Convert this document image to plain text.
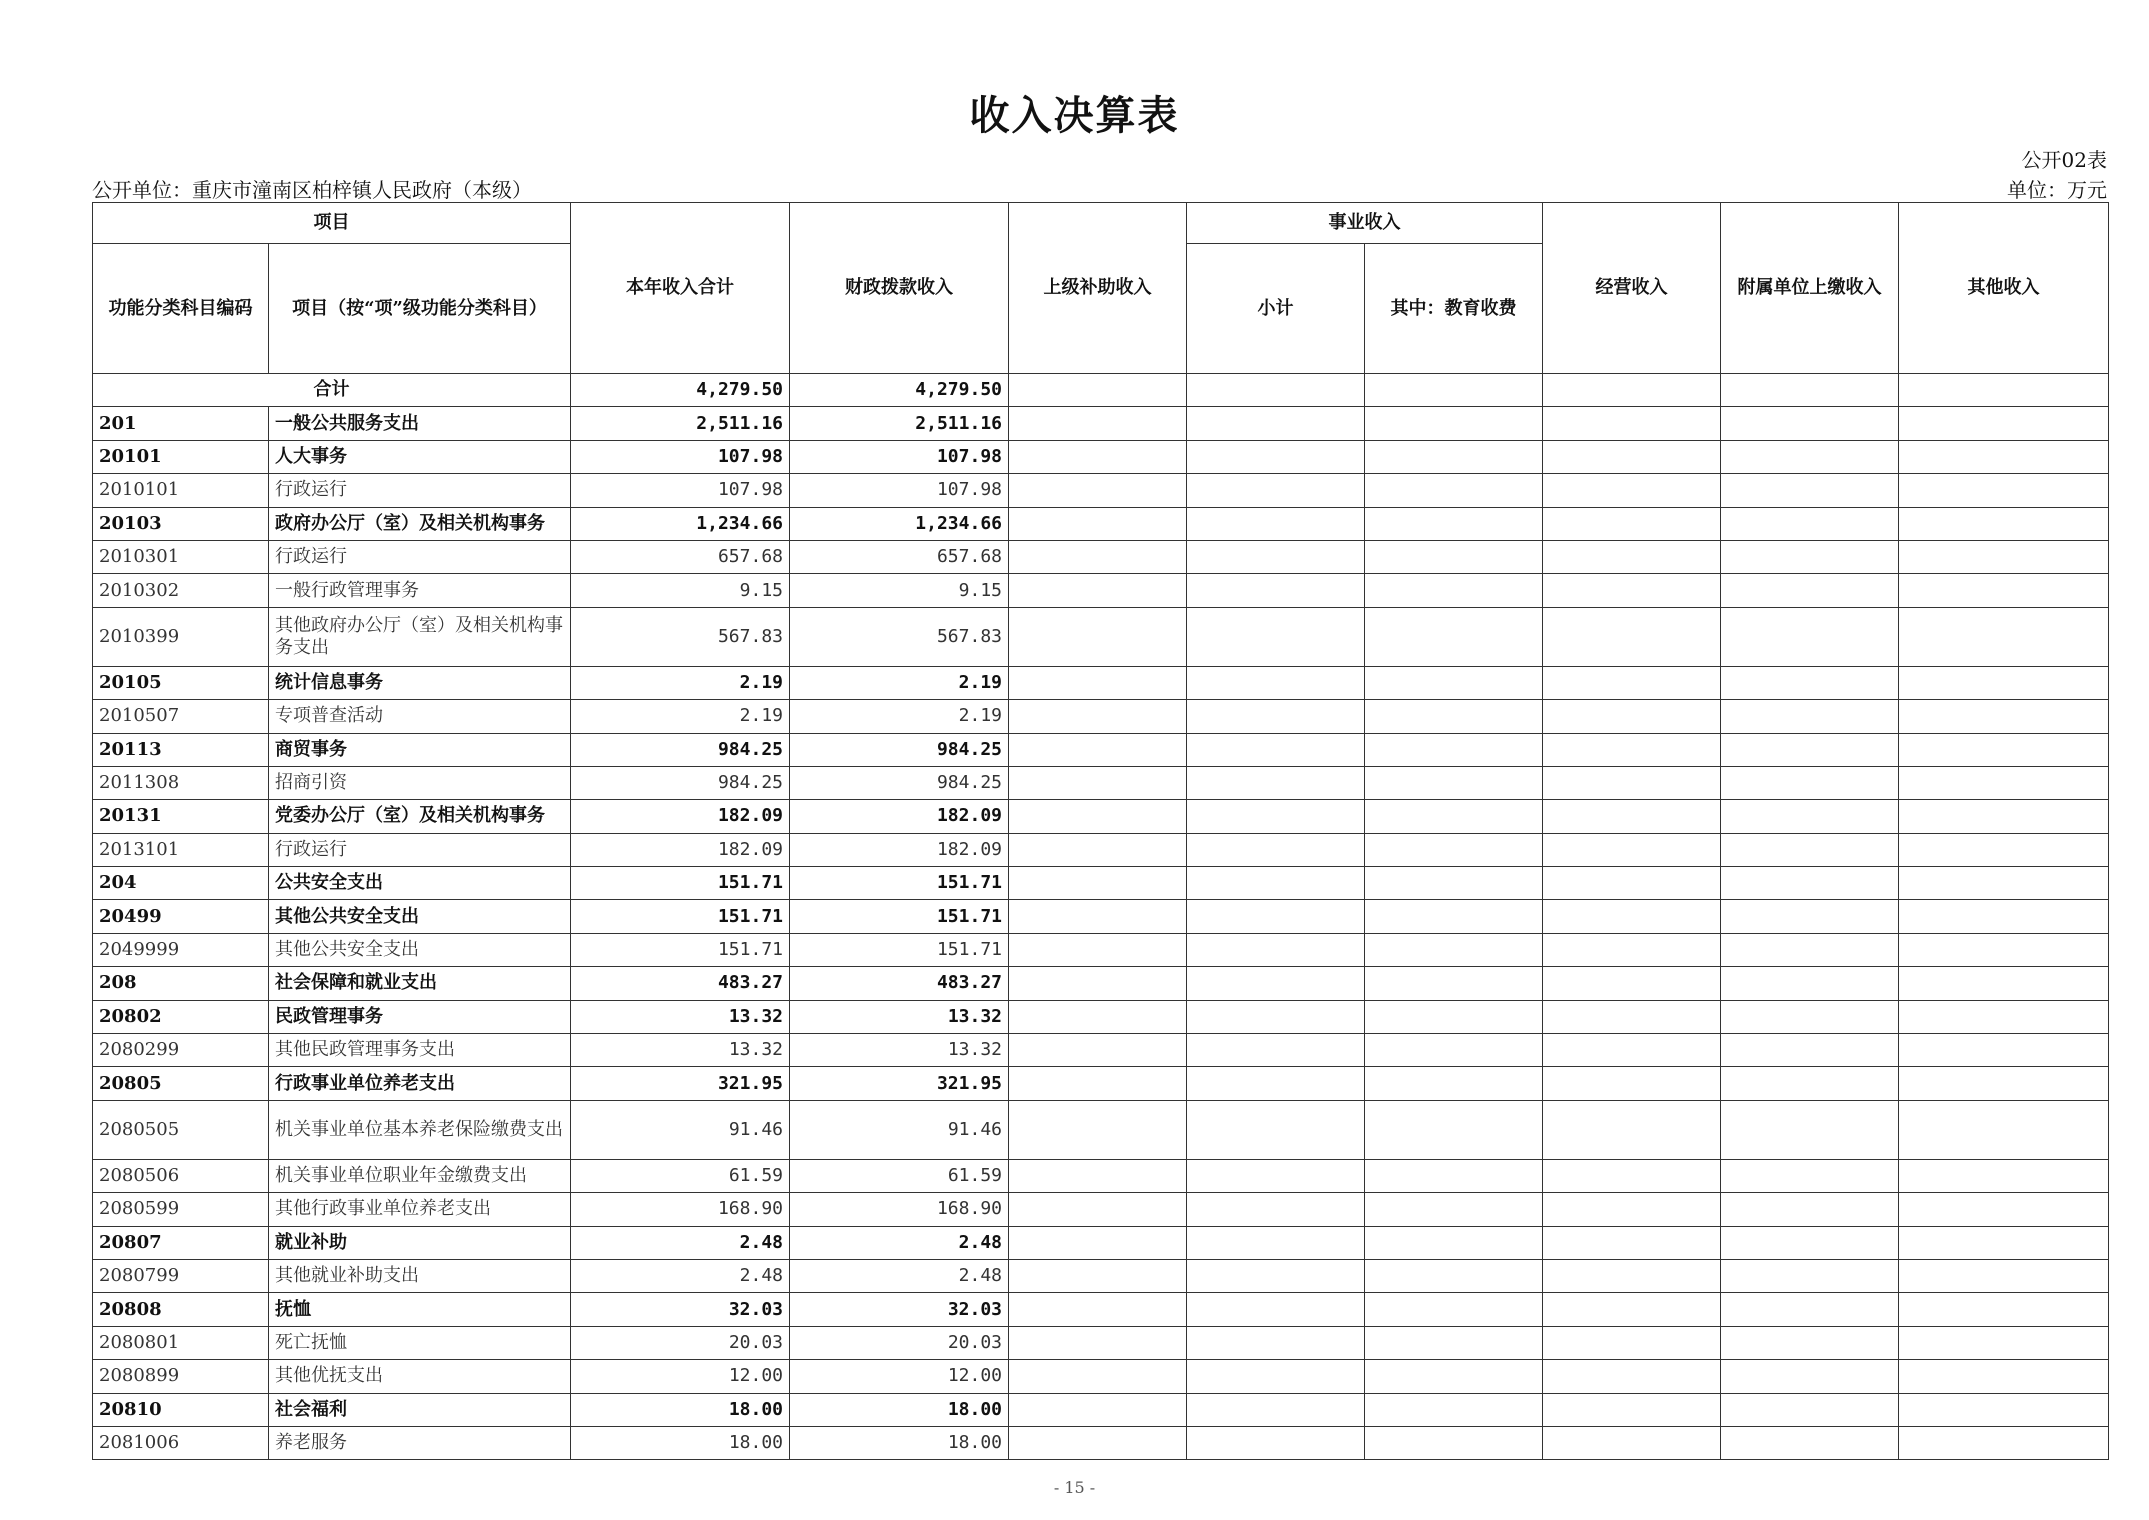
收入决算表
公开02表
公开单位：重庆市潼南区柏梓镇人民政府（本级）	单位：万元
项目		本年收入合计	财政拨款收入	上级补助收入	事业收入		经营收入	附属单位上缴收入	其他收入
功能分类科目编码	项目（按“项”级功能分类科目）				小计	其中：教育收费			
合计		4,279.50	4,279.50						
201	一般公共服务支出	2,511.16	2,511.16						
20101	人大事务	107.98	107.98						
2010101	行政运行	107.98	107.98						
20103	政府办公厅（室）及相关机构事务	1,234.66	1,234.66						
2010301	行政运行	657.68	657.68						
2010302	一般行政管理事务	9.15	9.15						
2010399	其他政府办公厅（室）及相关机构事务支出	567.83	567.83						
20105	统计信息事务	2.19	2.19						
2010507	专项普查活动	2.19	2.19						
20113	商贸事务	984.25	984.25						
2011308	招商引资	984.25	984.25						
20131	党委办公厅（室）及相关机构事务	182.09	182.09						
2013101	行政运行	182.09	182.09						
204	公共安全支出	151.71	151.71						
20499	其他公共安全支出	151.71	151.71						
2049999	其他公共安全支出	151.71	151.71						
208	社会保障和就业支出	483.27	483.27						
20802	民政管理事务	13.32	13.32						
2080299	其他民政管理事务支出	13.32	13.32						
20805	行政事业单位养老支出	321.95	321.95						
2080505	机关事业单位基本养老保险缴费支出	91.46	91.46						
2080506	机关事业单位职业年金缴费支出	61.59	61.59						
2080599	其他行政事业单位养老支出	168.90	168.90						
20807	就业补助	2.48	2.48						
2080799	其他就业补助支出	2.48	2.48						
20808	抚恤	32.03	32.03						
2080801	死亡抚恤	20.03	20.03						
2080899	其他优抚支出	12.00	12.00						
20810	社会福利	18.00	18.00						
2081006	养老服务	18.00	18.00						
- 15 -
